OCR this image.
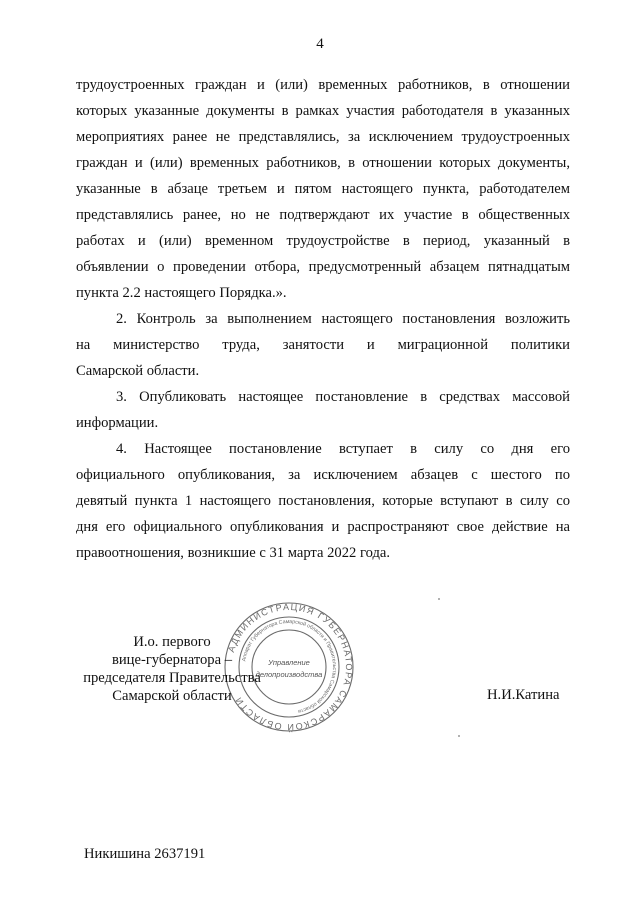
4
трудоустроенных граждан и (или) временных работников, в отношении
которых указанные документы в рамках участия работодателя в указанных
мероприятиях ранее не представлялись, за исключением трудоустроенных
граждан и (или) временных работников, в отношении которых документы,
указанные в абзаце третьем и пятом настоящего пункта, работодателем
представлялись ранее, но не подтверждают их участие в общественных
работах и (или) временном трудоустройстве в период, указанный в
объявлении о проведении отбора, предусмотренный абзацем пятнадцатым
пункта 2.2 настоящего Порядка.».
2. Контроль за выполнением настоящего постановления возложить
на министерство труда, занятости и миграционной политики
Самарской области.
3. Опубликовать настоящее постановление в средствах массовой
информации.
4. Настоящее постановление вступает в силу со дня его
официального опубликования, за исключением абзацев с шестого по
девятый пункта 1 настоящего постановления, которые вступают в силу со
дня его официального опубликования и распространяют свое действие на
правоотношения, возникшие с 31 марта 2022 года.
АДМИНИСТРАЦИЯ ГУБЕРНАТОРА САМАРСКОЙ ОБЛАСТИ
Аппарат Губернатора Самарской области и Правительства Самарской области
Управление
делопроизводства
И.о. первого
вице-губернатора –
председателя Правительства
Самарской области	Н.И.Катина
Никишина 2637191
